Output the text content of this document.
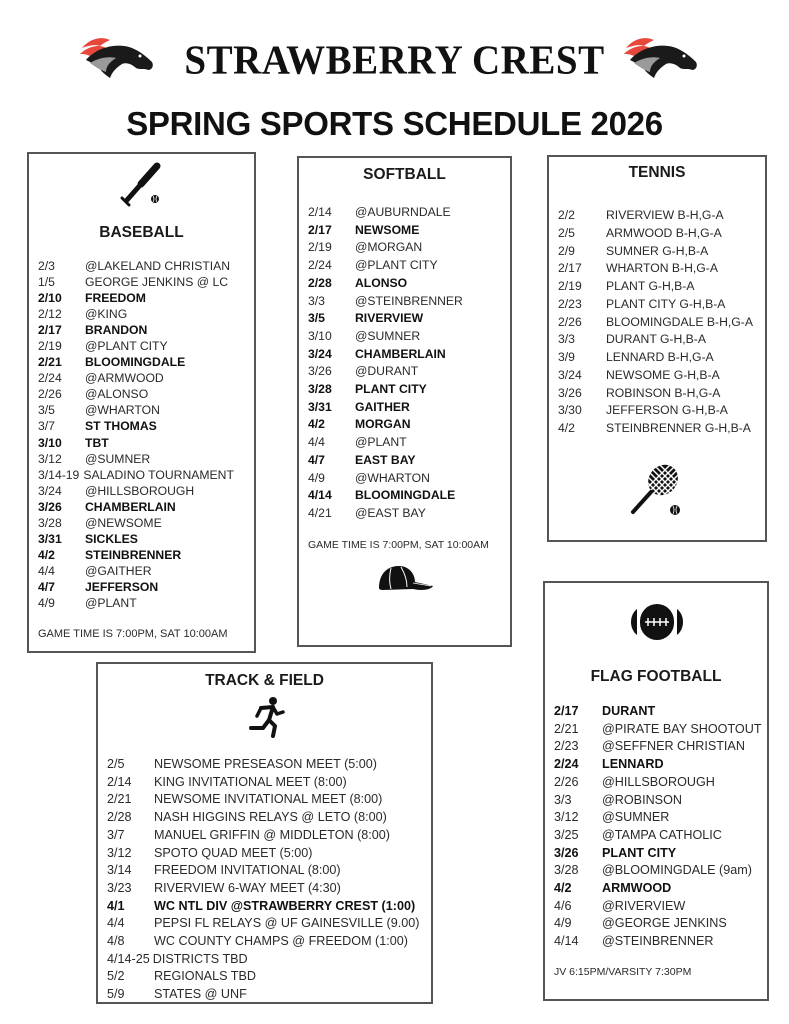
STRAWBERRY CREST
SPRING SPORTS SCHEDULE 2026
BASEBALL
2/3	@LAKELAND CHRISTIAN
1/5	GEORGE JENKINS @ LC
2/10	FREEDOM
2/12	@KING
2/17	BRANDON
2/19	@PLANT CITY
2/21	BLOOMINGDALE
2/24	@ARMWOOD
2/26	@ALONSO
3/5	@WHARTON
3/7	ST THOMAS
3/10	TBT
3/12	@SUMNER
3/14-19 SALADINO TOURNAMENT
3/24	@HILLSBOROUGH
3/26	CHAMBERLAIN
3/28	@NEWSOME
3/31	SICKLES
4/2	STEINBRENNER
4/4	@GAITHER
4/7	JEFFERSON
4/9	@PLANT
GAME TIME IS 7:00PM, SAT 10:00AM
SOFTBALL
2/14	@AUBURNDALE
2/17	NEWSOME
2/19	@MORGAN
2/24	@PLANT CITY
2/28	ALONSO
3/3	@STEINBRENNER
3/5	RIVERVIEW
3/10	@SUMNER
3/24	CHAMBERLAIN
3/26	@DURANT
3/28	PLANT CITY
3/31	GAITHER
4/2	MORGAN
4/4	@PLANT
4/7	EAST BAY
4/9	@WHARTON
4/14	BLOOMINGDALE
4/21	@EAST BAY
GAME TIME IS 7:00PM, SAT 10:00AM
TENNIS
2/2	RIVERVIEW B-H,G-A
2/5	ARMWOOD B-H,G-A
2/9	SUMNER G-H,B-A
2/17	WHARTON B-H,G-A
2/19	PLANT G-H,B-A
2/23	PLANT CITY G-H,B-A
2/26	BLOOMINGDALE B-H,G-A
3/3	DURANT G-H,B-A
3/9	LENNARD B-H,G-A
3/24	NEWSOME G-H,B-A
3/26	ROBINSON B-H,G-A
3/30	JEFFERSON G-H,B-A
4/2	STEINBRENNER G-H,B-A
TRACK & FIELD
2/5	NEWSOME PRESEASON MEET (5:00)
2/14	KING INVITATIONAL MEET (8:00)
2/21	NEWSOME INVITATIONAL MEET (8:00)
2/28	NASH HIGGINS RELAYS @ LETO (8:00)
3/7	MANUEL GRIFFIN @ MIDDLETON (8:00)
3/12	SPOTO QUAD MEET (5:00)
3/14	FREEDOM INVITATIONAL (8:00)
3/23	RIVERVIEW 6-WAY MEET (4:30)
4/1	WC NTL DIV @STRAWBERRY CREST (1:00)
4/4	PEPSI FL RELAYS @ UF GAINESVILLE (9.00)
4/8	WC COUNTY CHAMPS @ FREEDOM (1:00)
4/14-25 DISTRICTS TBD
5/2	REGIONALS TBD
5/9	STATES @ UNF
FLAG FOOTBALL
2/17	DURANT
2/21	@PIRATE BAY SHOOTOUT
2/23	@SEFFNER CHRISTIAN
2/24	LENNARD
2/26	@HILLSBOROUGH
3/3	@ROBINSON
3/12	@SUMNER
3/25	@TAMPA CATHOLIC
3/26	PLANT CITY
3/28	@BLOOMINGDALE (9am)
4/2	ARMWOOD
4/6	@RIVERVIEW
4/9	@GEORGE JENKINS
4/14	@STEINBRENNER
JV 6:15PM/VARSITY 7:30PM
